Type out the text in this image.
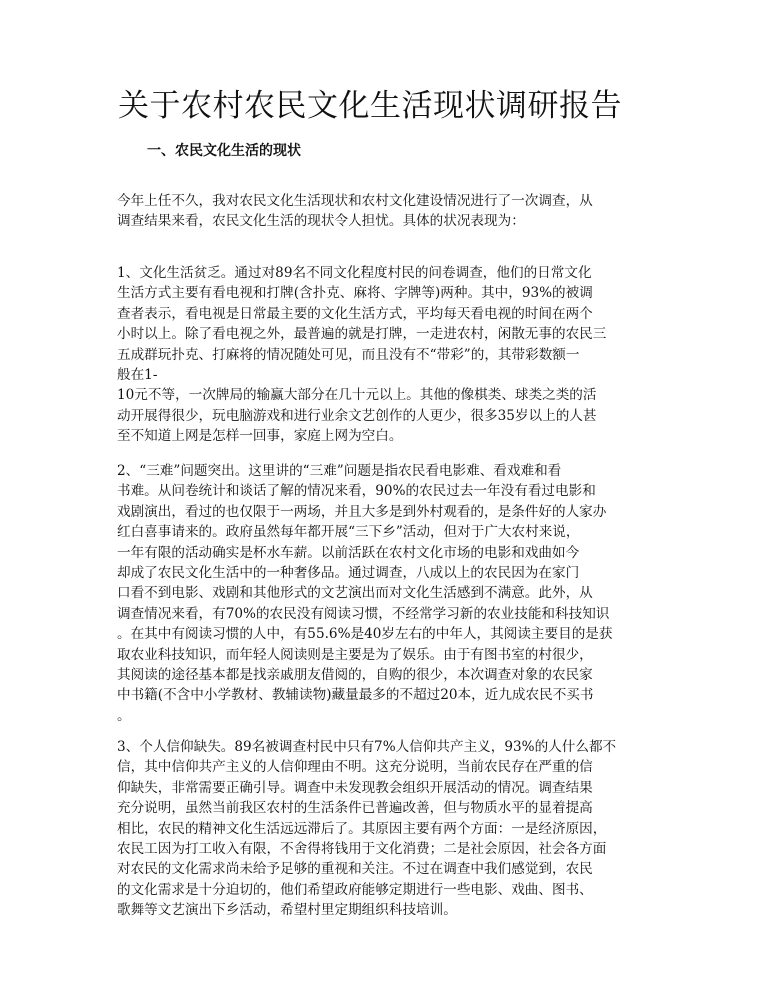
关于农村农民文化生活现状调研报告
一、农民文化生活的现状
今年上任不久，我对农民文化生活现状和农村文化建设情况进行了一次调查，从
调查结果来看，农民文化生活的现状令人担忧。具体的状况表现为：
1、文化生活贫乏。通过对89名不同文化程度村民的问卷调查，他们的日常文化
生活方式主要有看电视和打牌(含扑克、麻将、字牌等)两种。其中，93%的被调
查者表示，看电视是日常最主要的文化生活方式，平均每天看电视的时间在两个
小时以上。除了看电视之外，最普遍的就是打牌，一走进农村，闲散无事的农民三
五成群玩扑克、打麻将的情况随处可见，而且没有不“带彩”的，其带彩数额一
般在1-
10元不等，一次牌局的输赢大部分在几十元以上。其他的像棋类、球类之类的活
动开展得很少，玩电脑游戏和进行业余文艺创作的人更少，很多35岁以上的人甚
至不知道上网是怎样一回事，家庭上网为空白。
2、“三难”问题突出。这里讲的“三难”问题是指农民看电影难、看戏难和看
书难。从问卷统计和谈话了解的情况来看，90%的农民过去一年没有看过电影和
戏剧演出，看过的也仅限于一两场，并且大多是到外村观看的，是条件好的人家办
红白喜事请来的。政府虽然每年都开展“三下乡”活动，但对于广大农村来说，
一年有限的活动确实是杯水车薪。以前活跃在农村文化市场的电影和戏曲如今
却成了农民文化生活中的一种奢侈品。通过调查，八成以上的农民因为在家门
口看不到电影、戏剧和其他形式的文艺演出而对文化生活感到不满意。此外，从
调查情况来看，有70%的农民没有阅读习惯，不经常学习新的农业技能和科技知识
。在其中有阅读习惯的人中，有55.6%是40岁左右的中年人，其阅读主要目的是获
取农业科技知识，而年轻人阅读则是主要是为了娱乐。由于有图书室的村很少，
其阅读的途径基本都是找亲戚朋友借阅的，自购的很少，本次调查对象的农民家
中书籍(不含中小学教材、教辅读物)藏量最多的不超过20本，近九成农民不买书
。
3、个人信仰缺失。89名被调查村民中只有7%人信仰共产主义，93%的人什么都不
信，其中信仰共产主义的人信仰理由不明。这充分说明，当前农民存在严重的信
仰缺失，非常需要正确引导。调查中未发现教会组织开展活动的情况。调查结果
充分说明，虽然当前我区农村的生活条件已普遍改善，但与物质水平的显着提高
相比，农民的精神文化生活远远滞后了。其原因主要有两个方面：一是经济原因，
农民工因为打工收入有限，不舍得将钱用于文化消费；二是社会原因，社会各方面
对农民的文化需求尚未给予足够的重视和关注。不过在调查中我们感觉到，农民
的文化需求是十分迫切的，他们希望政府能够定期进行一些电影、戏曲、图书、
歌舞等文艺演出下乡活动，希望村里定期组织科技培训。
